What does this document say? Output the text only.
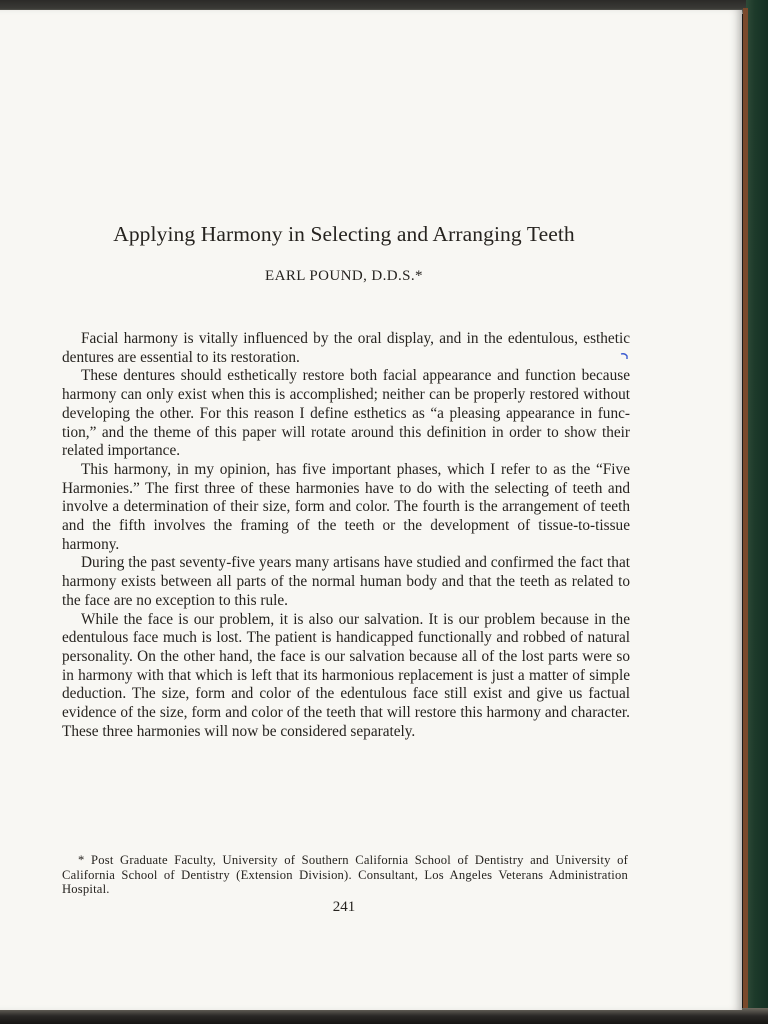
Applying Harmony in Selecting and Arranging Teeth
EARL POUND, D.D.S.*

Facial harmony is vitally influenced by the oral display, and in the edentulous, esthetic dentures are essential to its restoration.

These dentures should esthetically restore both facial appearance and function because harmony can only exist when this is accomplished; neither can be properly restored without developing the other. For this reason I define esthetics as “a pleasing appearance in function,” and the theme of this paper will rotate around this definition in order to show their related importance.

This harmony, in my opinion, has five important phases, which I refer to as the “Five Harmonies.” The first three of these harmonies have to do with the selecting of teeth and involve a determination of their size, form and color. The fourth is the arrangement of teeth and the fifth involves the framing of the teeth or the development of tissue-to-tissue harmony.

During the past seventy-five years many artisans have studied and confirmed the fact that harmony exists between all parts of the normal human body and that the teeth as related to the face are no exception to this rule.

While the face is our problem, it is also our salvation. It is our problem because in the edentulous face much is lost. The patient is handicapped functionally and robbed of natural personality. On the other hand, the face is our salvation because all of the lost parts were so in harmony with that which is left that its harmonious replacement is just a matter of simple deduction. The size, form and color of the edentulous face still exist and give us factual evidence of the size, form and color of the teeth that will restore this harmony and character. These three harmonies will now be considered separately.

* Post Graduate Faculty, University of Southern California School of Dentistry and University of California School of Dentistry (Extension Division). Consultant, Los Angeles Veterans Administration Hospital.

241
